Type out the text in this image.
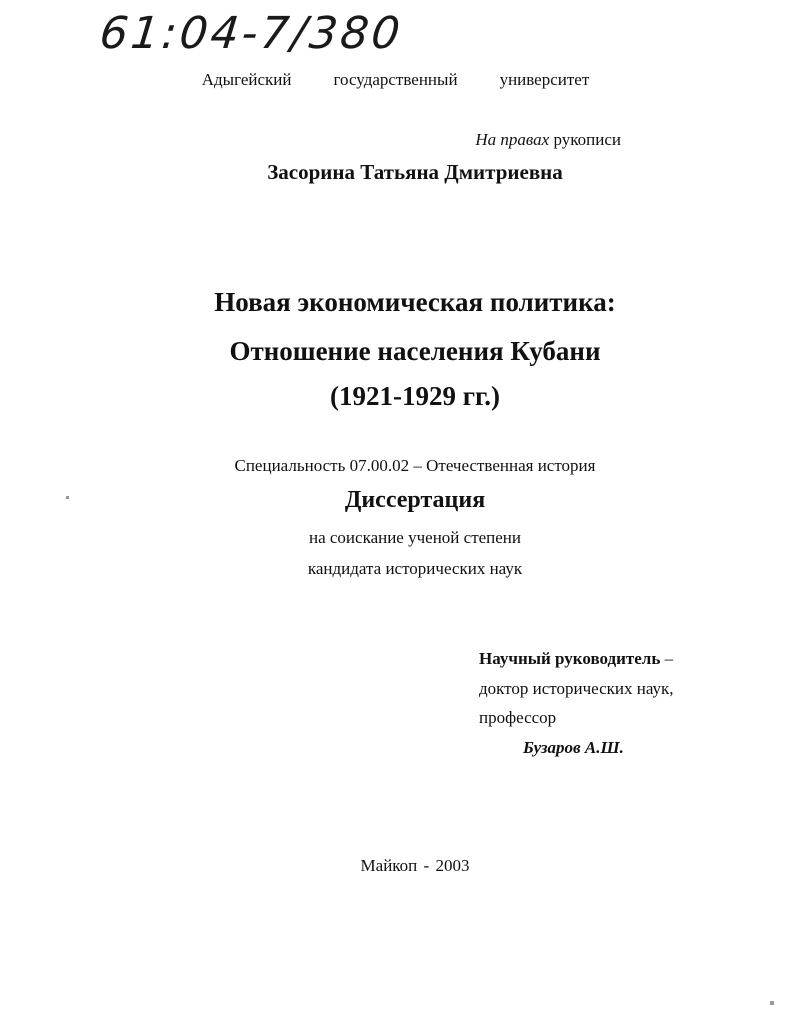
61:04-7/380
Адыгейский государственный университет
На правах рукописи
Засорина Татьяна Дмитриевна
Новая экономическая политика:
Отношение населения Кубани
(1921-1929 гг.)
Специальность 07.00.02 – Отечественная история
Диссертация
на соискание ученой степени
кандидата исторических наук
Научный руководитель –
доктор исторических наук,
профессор
Бузаров А.Ш.
Майкоп - 2003
